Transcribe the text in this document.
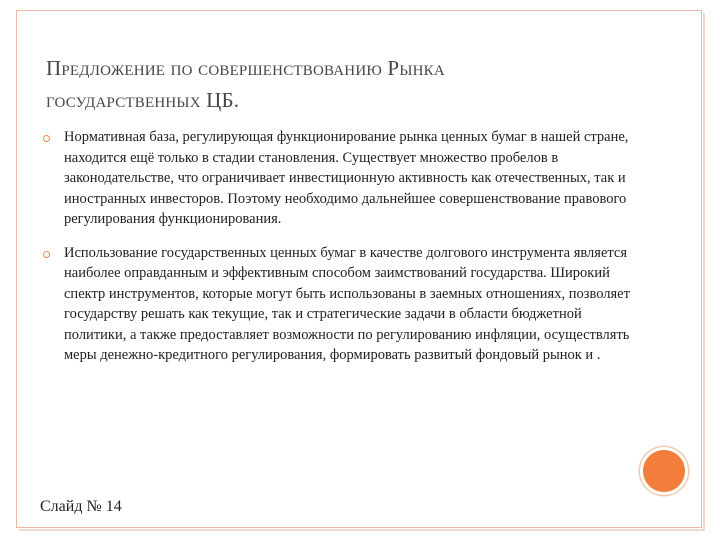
Предложение по совершенствованию Рынка
государственных ЦБ.
Нормативная база, регулирующая функционирование рынка ценных бумаг в нашей стране, находится ещё только в стадии становления. Существует множество пробелов в законодательстве, что ограничивает инвестиционную активность как отечественных, так и иностранных инвесторов. Поэтому необходимо дальнейшее совершенствование правового регулирования функционирования.
Использование государственных ценных бумаг в качестве долгового инструмента является наиболее оправданным и эффективным способом заимствований государства. Широкий спектр инструментов, которые могут быть использованы в заемных отношениях, позволяет государству решать как текущие, так и стратегические задачи в области бюджетной политики, а также предоставляет возможности по регулированию инфляции, осуществлять меры денежно-кредитного регулирования, формировать развитый фондовый рынок и .
Слайд № 14
